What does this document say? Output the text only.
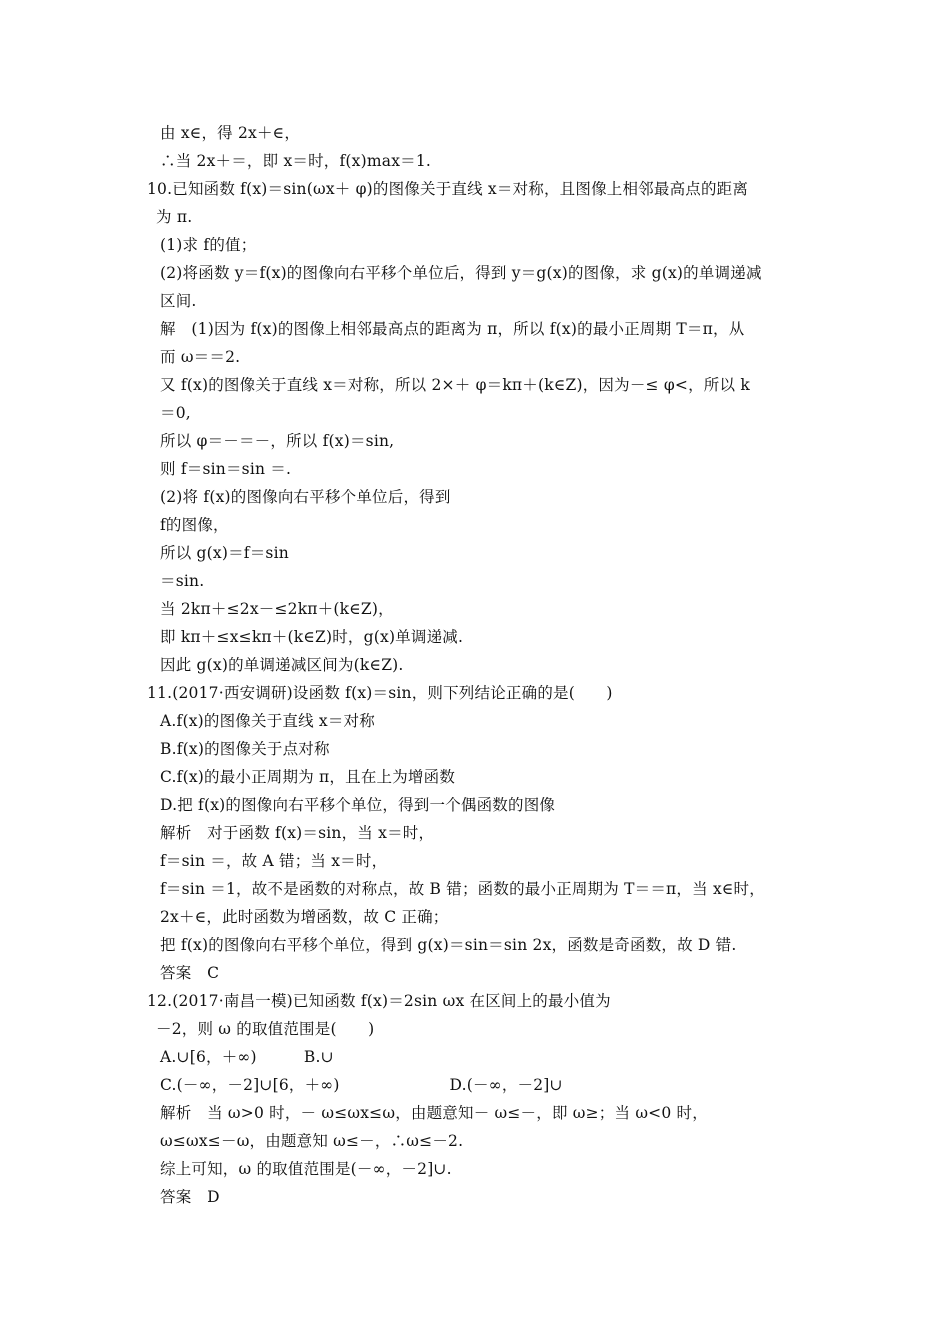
由 x∈，得 2x＋∈，
∴当 2x＋＝，即 x＝时，f(x)max＝1.
10.已知函数 f(x)＝sin(ωx＋ φ)的图像关于直线 x＝对称，且图像上相邻最高点的距离
为 π.
(1)求 f的值；
(2)将函数 y＝f(x)的图像向右平移个单位后，得到 y＝g(x)的图像，求 g(x)的单调递减
区间.
解　(1)因为 f(x)的图像上相邻最高点的距离为 π，所以 f(x)的最小正周期 T＝π，从
而 ω＝＝2.
又 f(x)的图像关于直线 x＝对称，所以 2×＋ φ＝kπ＋(k∈Z)，因为－≤ φ<，所以 k
＝0,
所以 φ＝－＝－，所以 f(x)＝sin,
则 f＝sin＝sin ＝.
(2)将 f(x)的图像向右平移个单位后，得到
f的图像，
所以 g(x)＝f＝sin
＝sin.
当 2kπ＋≤2x－≤2kπ＋(k∈Z)，
即 kπ＋≤x≤kπ＋(k∈Z)时，g(x)单调递减.
因此 g(x)的单调递减区间为(k∈Z).
11.(2017·西安调研)设函数 f(x)＝sin，则下列结论正确的是(　　)
A.f(x)的图像关于直线 x＝对称
B.f(x)的图像关于点对称
C.f(x)的最小正周期为 π，且在上为增函数
D.把 f(x)的图像向右平移个单位，得到一个偶函数的图像
解析　对于函数 f(x)＝sin，当 x＝时，
f＝sin ＝，故 A 错；当 x＝时，
f＝sin ＝1，故不是函数的对称点，故 B 错；函数的最小正周期为 T＝＝π，当 x∈时，
2x＋∈，此时函数为增函数，故 C 正确；
把 f(x)的图像向右平移个单位，得到 g(x)＝sin＝sin 2x，函数是奇函数，故 D 错.
答案　C
12.(2017·南昌一模)已知函数 f(x)＝2sin ωx 在区间上的最小值为
－2，则 ω 的取值范围是(　　)
A.∪[6，＋∞)　　　B.∪
C.(－∞，－2]∪[6，＋∞)　　　　　　　D.(－∞，－2]∪
解析　当 ω>0 时，－ ω≤ωx≤ω，由题意知－ ω≤－，即 ω≥；当 ω<0 时，
ω≤ωx≤－ω，由题意知 ω≤－，∴ω≤－2.
综上可知，ω 的取值范围是(－∞，－2]∪.
答案　D
